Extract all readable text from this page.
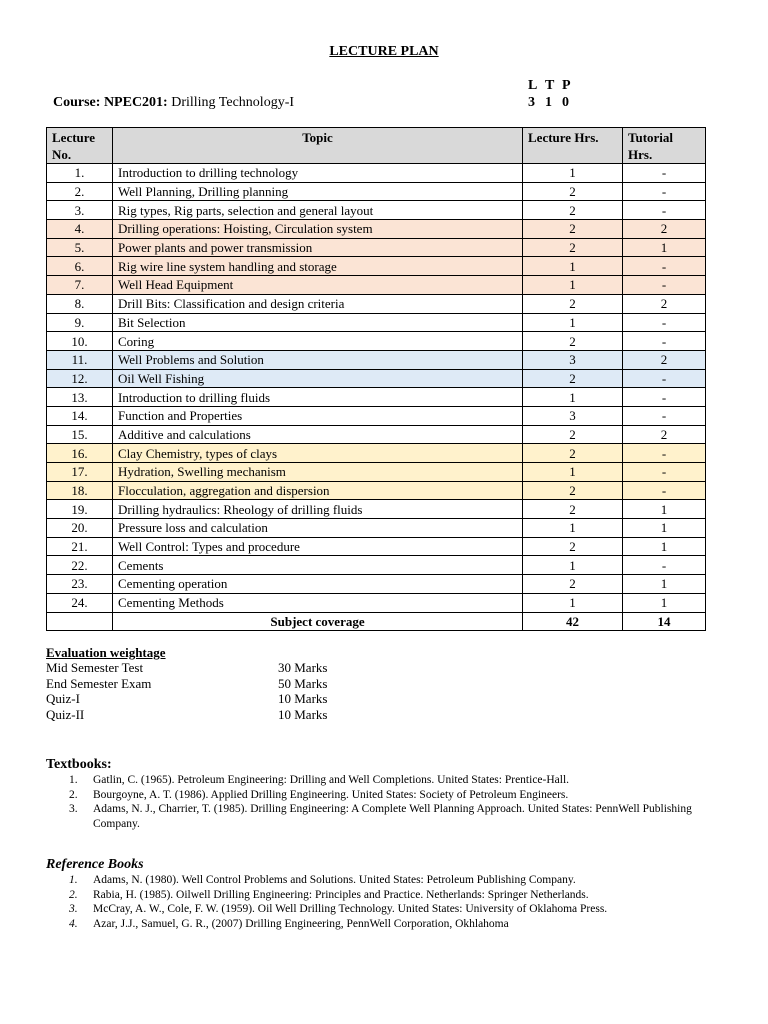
LECTURE PLAN
L T P
3 1 0
Course: NPEC201: Drilling Technology-I
Lecture No.	Topic	Lecture Hrs.	Tutorial Hrs.
1.	Introduction to drilling technology	1	-
2.	Well Planning, Drilling planning	2	-
3.	Rig types, Rig parts, selection and general layout	2	-
4.	Drilling operations: Hoisting, Circulation system	2	2
5.	Power plants and power transmission	2	1
6.	Rig wire line system handling and storage	1	-
7.	Well Head Equipment	1	-
8.	Drill Bits: Classification and design criteria	2	2
9.	Bit Selection	1	-
10.	Coring	2	-
11.	Well Problems and Solution	3	2
12.	Oil Well Fishing	2	-
13.	Introduction to drilling fluids	1	-
14.	Function and Properties	3	-
15.	Additive and calculations	2	2
16.	Clay Chemistry, types of clays	2	-
17.	Hydration, Swelling mechanism	1	-
18.	Flocculation, aggregation and dispersion	2	-
19.	Drilling hydraulics: Rheology of drilling fluids	2	1
20.	Pressure loss and calculation	1	1
21.	Well Control: Types and procedure	2	1
22.	Cements	1	-
23.	Cementing operation	2	1
24.	Cementing Methods	1	1
	Subject coverage	42	14
Evaluation weightage
Mid Semester Test	30 Marks
End Semester Exam	50 Marks
Quiz-I	10 Marks
Quiz-II	10 Marks
Textbooks:
1. Gatlin, C. (1965). Petroleum Engineering: Drilling and Well Completions. United States: Prentice-Hall.
2. Bourgoyne, A. T. (1986). Applied Drilling Engineering. United States: Society of Petroleum Engineers.
3. Adams, N. J., Charrier, T. (1985). Drilling Engineering: A Complete Well Planning Approach. United States: PennWell Publishing Company.
Reference Books
1. Adams, N. (1980). Well Control Problems and Solutions. United States: Petroleum Publishing Company.
2. Rabia, H. (1985). Oilwell Drilling Engineering: Principles and Practice. Netherlands: Springer Netherlands.
3. McCray, A. W., Cole, F. W. (1959). Oil Well Drilling Technology. United States: University of Oklahoma Press.
4. Azar, J.J., Samuel, G. R., (2007) Drilling Engineering, PennWell Corporation, Okhlahoma
